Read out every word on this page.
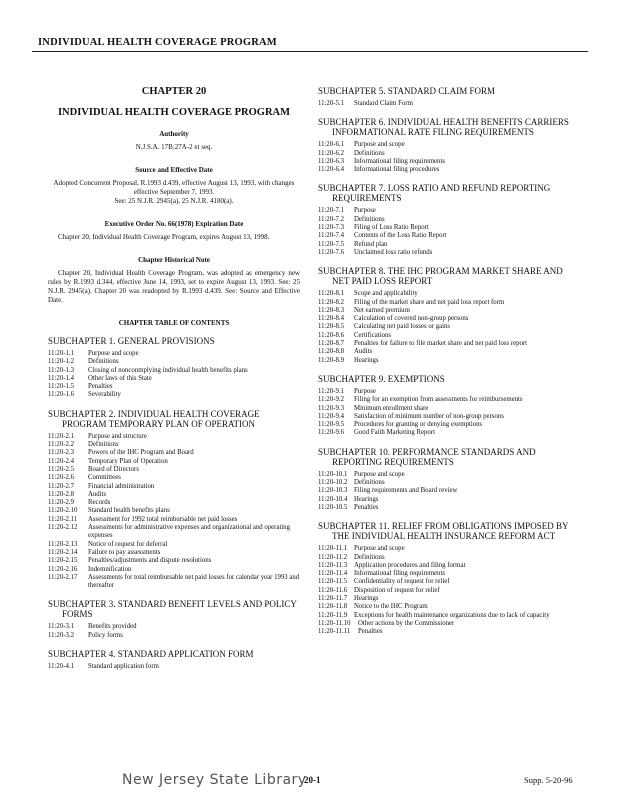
INDIVIDUAL HEALTH COVERAGE PROGRAM
CHAPTER 20
INDIVIDUAL HEALTH COVERAGE PROGRAM
Authority
N.J.S.A. 17B:27A-2 et seq.
Source and Effective Date
Adopted Concurrent Proposal, R.1993 d.439, effective August 13, 1993, with changes effective September 7, 1993.
See: 25 N.J.R. 2945(a), 25 N.J.R. 4180(a).
Executive Order No. 66(1978) Expiration Date
Chapter 20, Individual Health Coverage Program, expires August 13, 1998.
Chapter Historical Note
Chapter 20, Individual Health Coverage Program, was adopted as emergency new rules by R.1993 d.344, effective June 14, 1993, set to expire August 13, 1993. See: 25 N.J.R. 2945(a). Chapter 20 was readopted by R.1993 d.439. See: Source and Effective Date.
CHAPTER TABLE OF CONTENTS
SUBCHAPTER 1. GENERAL PROVISIONS
11:20-1.1	Purpose and scope
11:20-1.2	Definitions
11:20-1.3	Closing of nonconmplying individual health benefits plans
11:20-1.4	Other laws of this State
11:20-1.5	Penalties
11:20-1.6	Severability
SUBCHAPTER 2. INDIVIDUAL HEALTH COVERAGE PROGRAM TEMPORARY PLAN OF OPERATION
11:20-2.1	Purpose and structure
11:20-2.2	Definitions
11:20-2.3	Powers of the IHC Program and Board
11:20-2.4	Temporary Plan of Operation
11:20-2.5	Board of Directors
11:20-2.6	Committees
11:20-2.7	Financial administration
11:20-2.8	Audits
11:20-2.9	Records
11:20-2.10	Standard health benefits plans
11:20-2.11	Assessment for 1992 total reimbursable net paid losses
11:20-2.12	Assessments for administrative expenses and organizational and operating expenses
11:20-2.13	Notice of request for deferral
11:20-2.14	Failure to pay assessments
11:20-2.15	Penalties/adjustments and dispute resolutions
11:20-2.16	Indemnification
11:20-2.17	Assessments for total reimbursable net paid losses for calendar year 1993 and thereafter
SUBCHAPTER 3. STANDARD BENEFIT LEVELS AND POLICY FORMS
11:20-3.1	Benefits provided
11:20-3.2	Policy forms
SUBCHAPTER 4. STANDARD APPLICATION FORM
11:20-4.1	Standard application form
SUBCHAPTER 5. STANDARD CLAIM FORM
11:20-5.1	Standard Claim Form
SUBCHAPTER 6. INDIVIDUAL HEALTH BENEFITS CARRIERS INFORMATIONAL RATE FILING REQUIREMENTS
11:20-6.1	Purpose and scope
11:20-6.2	Definitions
11:20-6.3	Informational filing requirements
11:20-6.4	Informational filing procedures
SUBCHAPTER 7. LOSS RATIO AND REFUND REPORTING REQUIREMENTS
11:20-7.1	Purpose
11:20-7.2	Definitions
11:20-7.3	Filing of Loss Ratio Report
11:20-7.4	Contents of the Loss Ratio Report
11:20-7.5	Refund plan
11:20-7.6	Unclaimed loss ratio refunds
SUBCHAPTER 8. THE IHC PROGRAM MARKET SHARE AND NET PAID LOSS REPORT
11:20-8.1	Scope and applicability
11:20-8.2	Filing of the market share and net paid loss report form
11:20-8.3	Net earned premium
11:20-8.4	Calculation of covered non-group persons
11:20-8.5	Calculating net paid losses or gains
11:20-8.6	Certifications
11:20-8.7	Penalties for failure to file market share and net paid loss report
11:20-8.8	Audits
11:20-8.9	Hearings
SUBCHAPTER 9. EXEMPTIONS
11:20-9.1	Purpose
11:20-9.2	Filing for an exemption from assessments for reimbursements
11:20-9.3	Minimum enrollment share
11:20-9.4	Satisfaction of minimum number of non-group persons
11:20-9.5	Procedures for granting or denying exemptions
11:20-9.6	Good Faith Marketing Report
SUBCHAPTER 10. PERFORMANCE STANDARDS AND REPORTING REQUIREMENTS
11:20-10.1 Purpose and scope
11:20-10.2 Definitions
11:20-10.3 Filing requirements and Board review
11:20-10.4 Hearings
11:20-10.5 Penalties
SUBCHAPTER 11. RELIEF FROM OBLIGATIONS IMPOSED BY THE INDIVIDUAL HEALTH INSURANCE REFORM ACT
11:20-11.1	Purpose and scope
11:20-11.2	Definitions
11:20-11.3	Application procedures and filing format
11:20-11.4	Informational filing requirements
11:20-11.5	Confidentiality of request for relief
11:20-11.6	Disposition of request for relief
11:20-11.7	Hearings
11:20-11.8	Notice to the IHC Program
11:20-11.9	Exceptions for health maintenance organizations due to lack of capacity
11:20-11.10	Other actions by the Commissioner
11:20-11.11	Penalties
New Jersey State Library
20-1	Supp. 5-20-96
